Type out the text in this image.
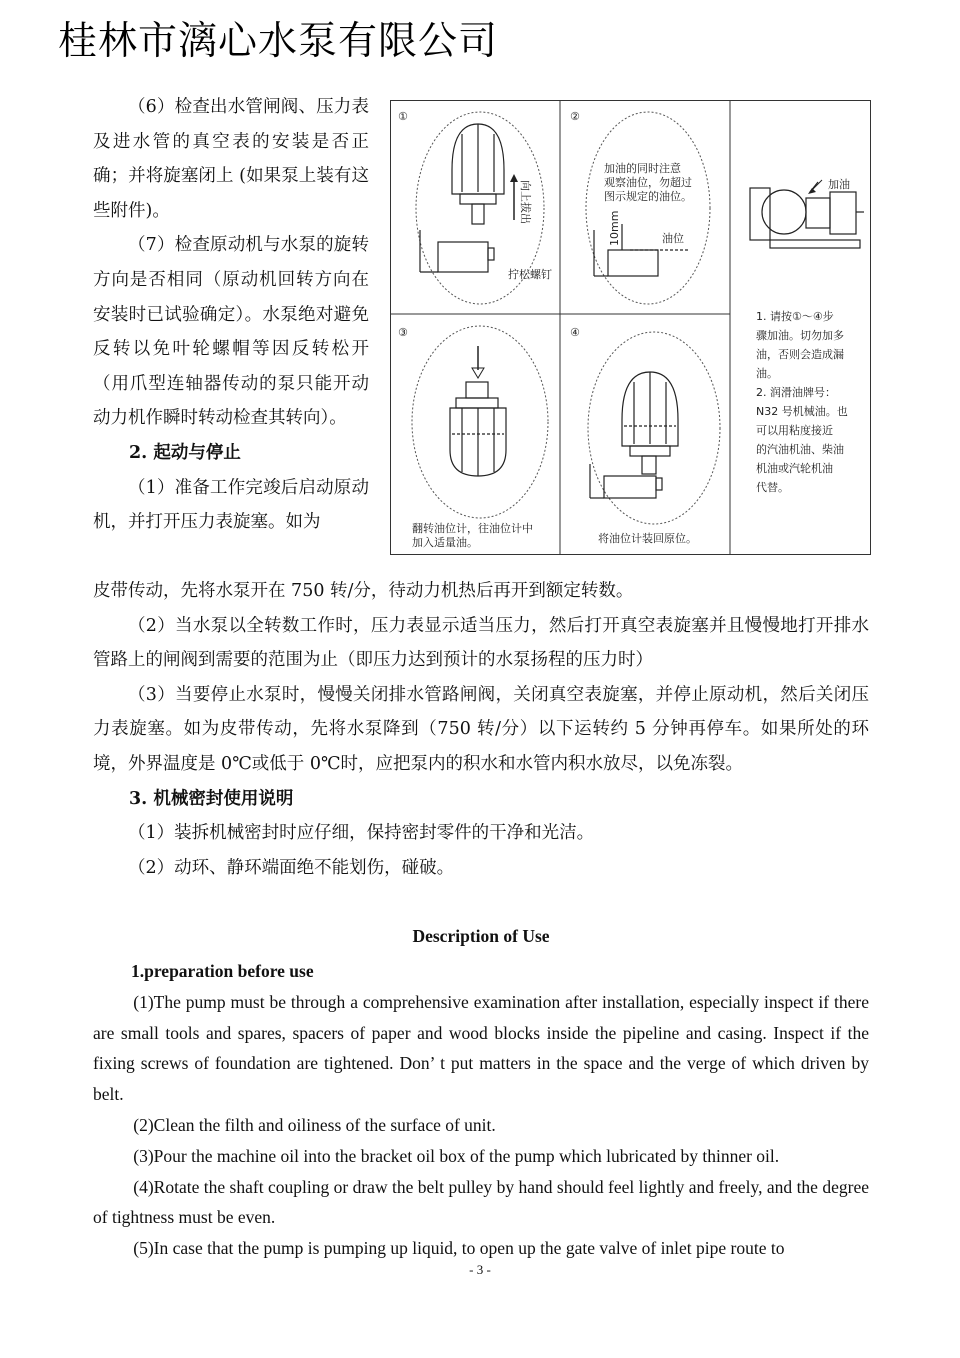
桂林市漓心水泵有限公司

（6）检查出水管闸阀、压力表及进水管的真空表的安装是否正确；并将旋塞闭上 (如果泵上装有这些附件)。

（7）检查原动机与水泵的旋转方向是否相同（原动机回转方向在安装时已试验确定）。水泵绝对避免反转以免叶轮螺帽等因反转松开（用爪型连轴器传动的泵只能开动动力机作瞬时转动检查其转向）。

2. 起动与停止

（1）准备工作完竣后启动原动机，并打开压力表旋塞。如为

①
向上拔出
拧松螺钉
②
加油的同时注意
观察油位，勿超过
图示规定的油位。
10mm	油位
③
翻转油位计，往油位计中
加入适量油。
④
将油位计装回原位。
加油
1. 请按①～④步
骤加油。切勿加多
油，否则会造成漏
油。
2. 润滑油牌号：
N32 号机械油。也
可以用粘度接近
的汽油机油、柴油
机油或汽轮机油
代替。

皮带传动，先将水泵开在 750 转/分，待动力机热后再开到额定转数。

（2）当水泵以全转数工作时，压力表显示适当压力，然后打开真空表旋塞并且慢慢地打开排水管路上的闸阀到需要的范围为止（即压力达到预计的水泵扬程的压力时）

（3）当要停止水泵时，慢慢关闭排水管路闸阀，关闭真空表旋塞，并停止原动机，然后关闭压力表旋塞。如为皮带传动，先将水泵降到（750 转/分）以下运转约 5 分钟再停车。如果所处的环境，外界温度是 0℃或低于 0℃时，应把泵内的积水和水管内积水放尽，以免冻裂。

3. 机械密封使用说明

（1）装拆机械密封时应仔细，保持密封零件的干净和光洁。

（2）动环、静环端面绝不能划伤，碰破。

Description of Use

1.preparation before use

(1)The pump must be through a comprehensive examination after installation, especially inspect if there are small tools and spares, spacers of paper and wood blocks inside the pipeline and casing. Inspect if the fixing screws of foundation are tightened. Don’ t put matters in the space and the verge of which driven by belt.

(2)Clean the filth and oiliness of the surface of unit.

(3)Pour the machine oil into the bracket oil box of the pump which lubricated by thinner oil.

(4)Rotate the shaft coupling or draw the belt pulley by hand should feel lightly and freely, and the degree of tightness must be even.

(5)In case that the pump is pumping up liquid, to open up the gate valve of inlet pipe route to

- 3 -
